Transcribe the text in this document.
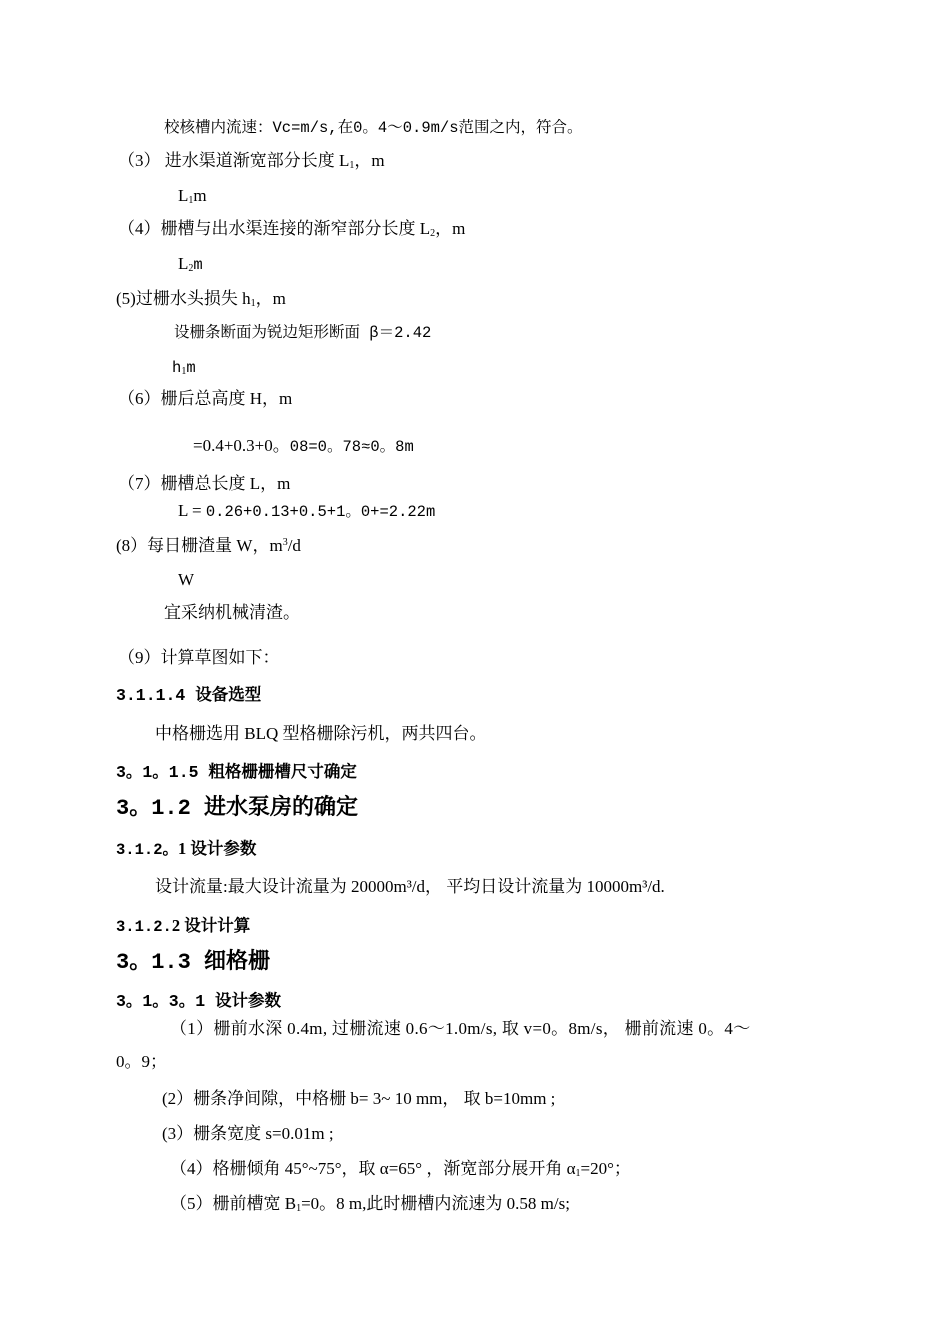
校核槽内流速：Vc=m/s,在0。4～0.9m/s范围之内，符合。
（3） 进水渠道渐宽部分长度 $L_1$，m
$L_1m$
（4）栅槽与出水渠连接的渐窄部分长度 $L_2$，m
$L_2m$
(5)过栅水头损失 $h_1$，m
设栅条断面为锐边矩形断面 β＝2.42
$h_1m$
（6）栅后总高度 H，m
=0.4+0.3+0。08=0。78≈0。8m
（7）栅槽总长度 L，m
L = 0.26+0.13+0.5+1。0+=2.22m
(8）每日栅渣量 W，$m^3/d$
W
宜采纳机械清渣。
（9）计算草图如下：
3.1.1.4 设备选型
中格栅选用 BLQ 型格栅除污机，两共四台。
3。1。1.5 粗格栅栅槽尺寸确定
3。1.2 进水泵房的确定
3.1.2。1 设计参数
设计流量:最大设计流量为 20000m³/d， 平均日设计流量为 10000m³/d.
3.1.2.2 设计计算
3。1.3 细格栅
3。1。3。1 设计参数
（1）栅前水深 0.4m, 过栅流速 0.6～1.0m/s, 取 v=0。8m/s， 栅前流速 0。4～
0。9；
(2）栅条净间隙，中格栅 b= 3~ 10 mm， 取 b=10mm ;
(3）栅条宽度 s=0.01m ;
（4）格栅倾角 45°~75°，取 α=65° ，渐宽部分展开角 $\alpha_1=20^\circ$；
（5）栅前槽宽 $B_1=0$。8 m,此时栅槽内流速为 0.58 m/s;
